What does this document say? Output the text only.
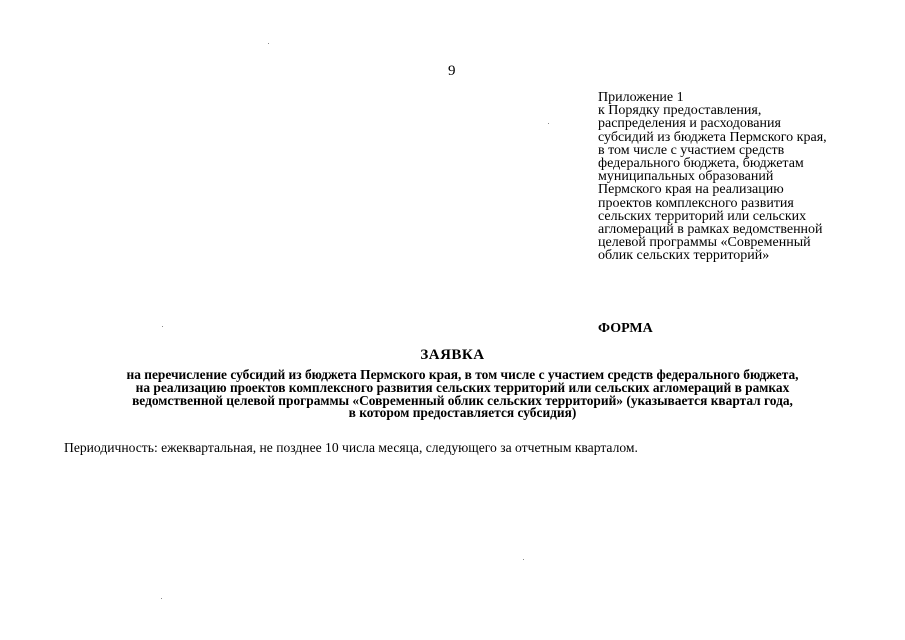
9
Приложение 1
к Порядку предоставления,
распределения и расходования
субсидий из бюджета Пермского края,
в том числе с участием средств
федерального бюджета, бюджетам
муниципальных образований
Пермского края на реализацию
проектов комплексного развития
сельских территорий или сельских
агломераций в рамках ведомственной
целевой программы «Современный
облик сельских территорий»
ФОРМА
ЗАЯВКА
на перечисление субсидий из бюджета Пермского края, в том числе с участием средств федерального бюджета,
на реализацию проектов комплексного развития сельских территорий или сельских агломераций в рамках
ведомственной целевой программы «Современный облик сельских территорий» (указывается квартал года,
в котором предоставляется субсидия)
Периодичность: ежеквартальная, не позднее 10 числа месяца, следующего за отчетным кварталом.
